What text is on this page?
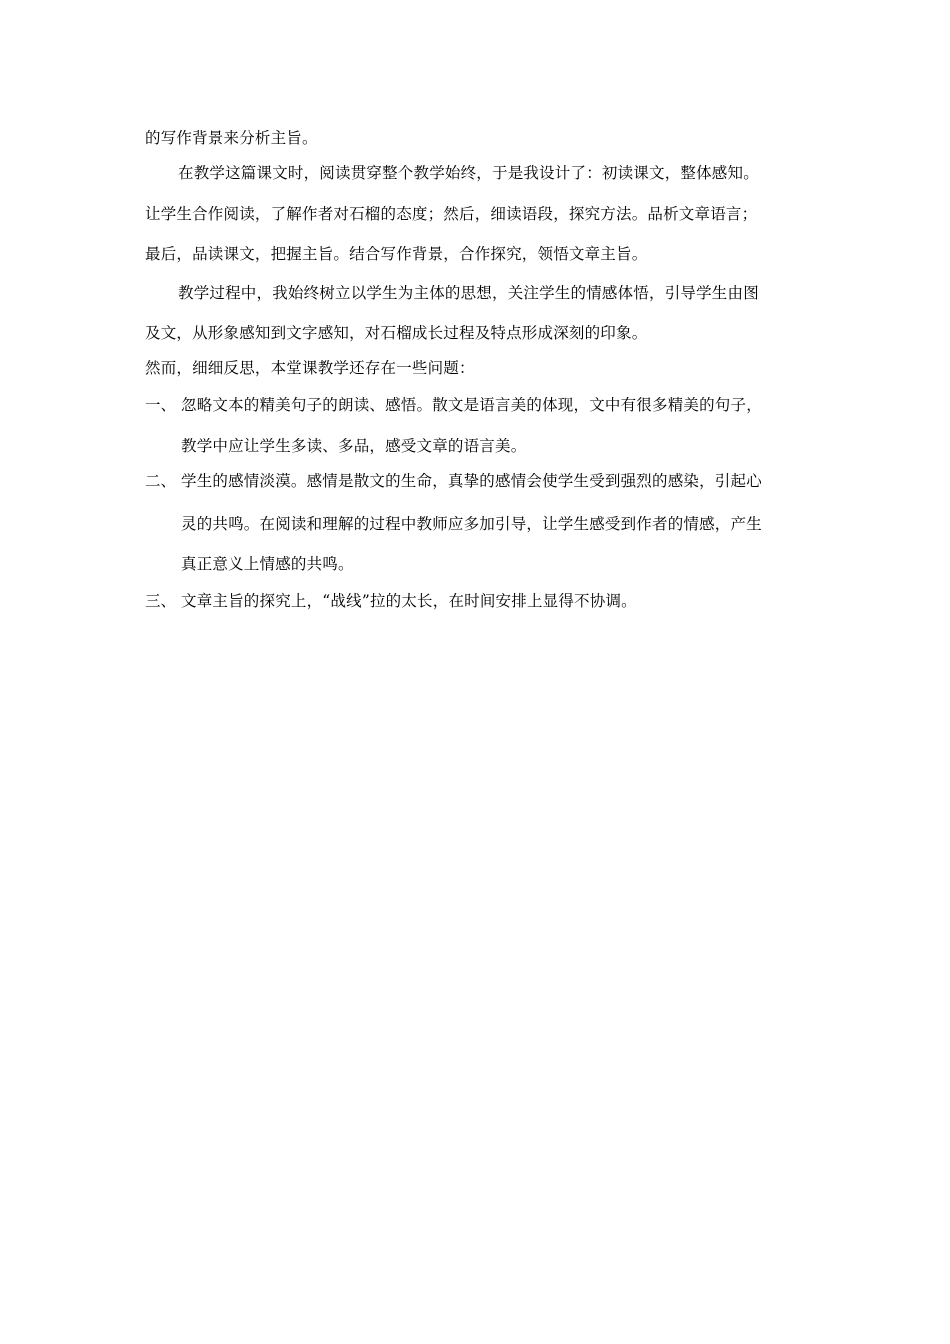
的写作背景来分析主旨。
在教学这篇课文时，阅读贯穿整个教学始终，于是我设计了：初读课文，整体感知。
让学生合作阅读，了解作者对石榴的态度；然后，细读语段，探究方法。品析文章语言；
最后，品读课文，把握主旨。结合写作背景，合作探究，领悟文章主旨。
教学过程中，我始终树立以学生为主体的思想，关注学生的情感体悟，引导学生由图
及文，从形象感知到文字感知，对石榴成长过程及特点形成深刻的印象。
然而，细细反思，本堂课教学还存在一些问题：
一、 忽略文本的精美句子的朗读、感悟。散文是语言美的体现，文中有很多精美的句子，
教学中应让学生多读、多品，感受文章的语言美。
二、 学生的感情淡漠。感情是散文的生命，真挚的感情会使学生受到强烈的感染，引起心
灵的共鸣。在阅读和理解的过程中教师应多加引导，让学生感受到作者的情感，产生
真正意义上情感的共鸣。
三、 文章主旨的探究上，“战线”拉的太长，在时间安排上显得不协调。
